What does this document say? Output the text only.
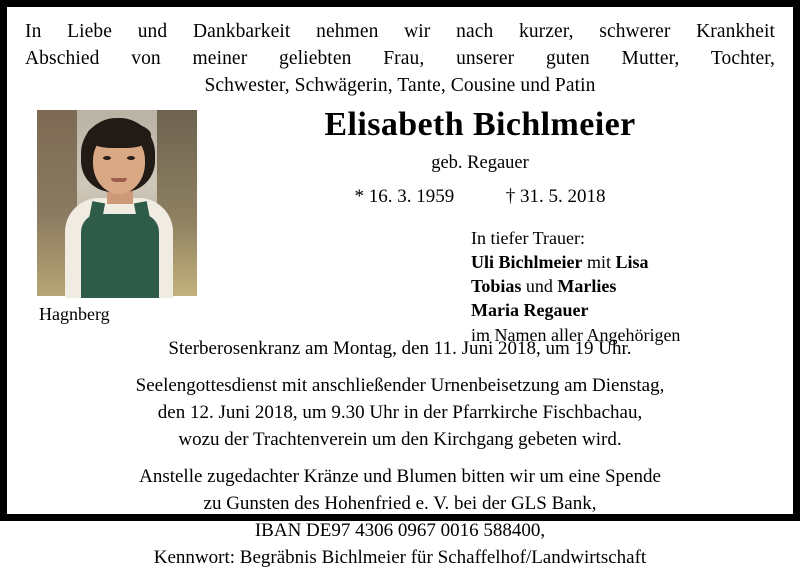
In Liebe und Dankbarkeit nehmen wir nach kurzer, schwerer Krankheit
Abschied von meiner geliebten Frau, unserer guten Mutter, Tochter,
Schwester, Schwägerin, Tante, Cousine und Patin
Hagnberg
Elisabeth Bichlmeier
geb. Regauer
* 16. 3. 1959	† 31. 5. 2018
In tiefer Trauer:
Uli Bichlmeier mit Lisa
Tobias und Marlies
Maria Regauer
im Namen aller Angehörigen
Sterberosenkranz am Montag, den 11. Juni 2018, um 19 Uhr.
Seelengottesdienst mit anschließender Urnenbeisetzung am Dienstag,
den 12. Juni 2018, um 9.30 Uhr in der Pfarrkirche Fischbachau,
wozu der Trachtenverein um den Kirchgang gebeten wird.
Anstelle zugedachter Kränze und Blumen bitten wir um eine Spende
zu Gunsten des Hohenfried e. V. bei der GLS Bank,
IBAN DE97 4306 0967 0016 588400,
Kennwort: Begräbnis Bichlmeier für Schaffelhof/Landwirtschaft
